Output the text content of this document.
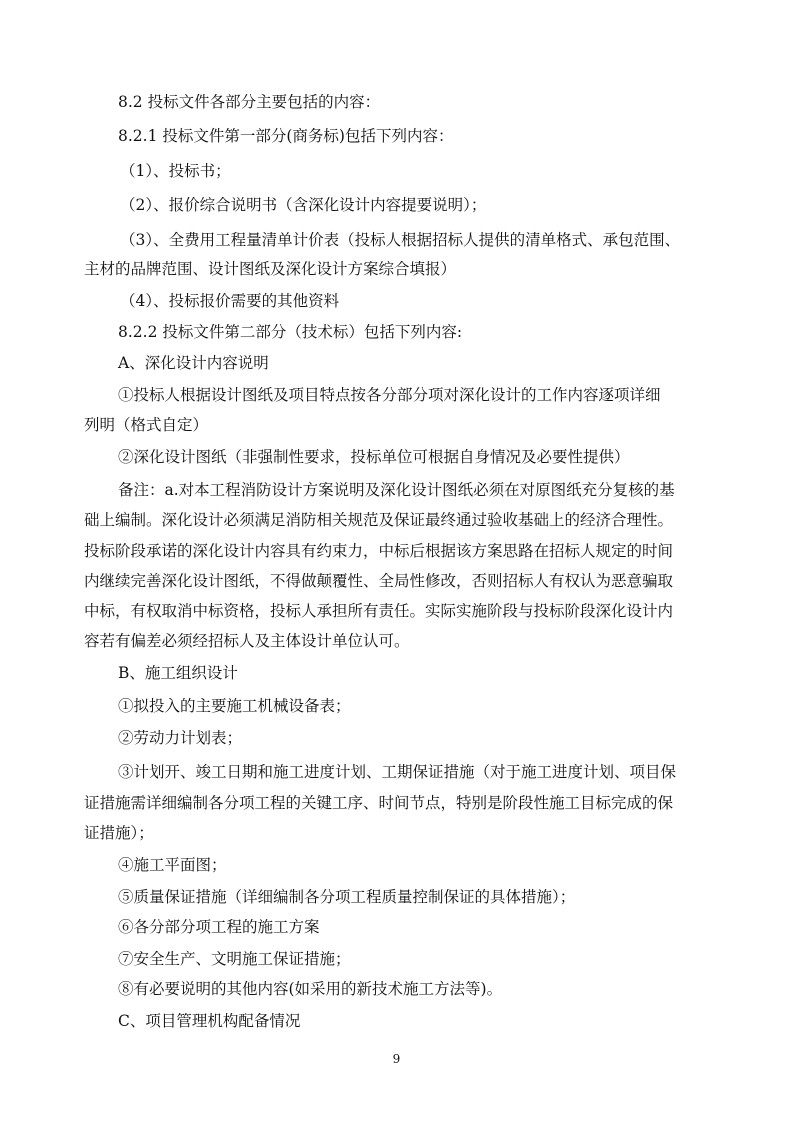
8.2 投标文件各部分主要包括的内容：
8.2.1 投标文件第一部分(商务标)包括下列内容：
（1）、投标书；
（2）、报价综合说明书（含深化设计内容提要说明）；
（3）、全费用工程量清单计价表（投标人根据招标人提供的清单格式、承包范围、
主材的品牌范围、设计图纸及深化设计方案综合填报）
（4）、投标报价需要的其他资料
8.2.2 投标文件第二部分（技术标）包括下列内容:
A、深化设计内容说明
①投标人根据设计图纸及项目特点按各分部分项对深化设计的工作内容逐项详细
列明（格式自定）
②深化设计图纸（非强制性要求，投标单位可根据自身情况及必要性提供）
备注：a.对本工程消防设计方案说明及深化设计图纸必须在对原图纸充分复核的基
础上编制。深化设计必须满足消防相关规范及保证最终通过验收基础上的经济合理性。
投标阶段承诺的深化设计内容具有约束力，中标后根据该方案思路在招标人规定的时间
内继续完善深化设计图纸，不得做颠覆性、全局性修改，否则招标人有权认为恶意骗取
中标，有权取消中标资格，投标人承担所有责任。实际实施阶段与投标阶段深化设计内
容若有偏差必须经招标人及主体设计单位认可。
B、施工组织设计
①拟投入的主要施工机械设备表；
②劳动力计划表；
③计划开、竣工日期和施工进度计划、工期保证措施（对于施工进度计划、项目保
证措施需详细编制各分项工程的关键工序、时间节点，特别是阶段性施工目标完成的保
证措施）；
④施工平面图；
⑤质量保证措施（详细编制各分项工程质量控制保证的具体措施）；
⑥各分部分项工程的施工方案
⑦安全生产、文明施工保证措施；
⑧有必要说明的其他内容(如采用的新技术施工方法等)。
C、项目管理机构配备情况
9
